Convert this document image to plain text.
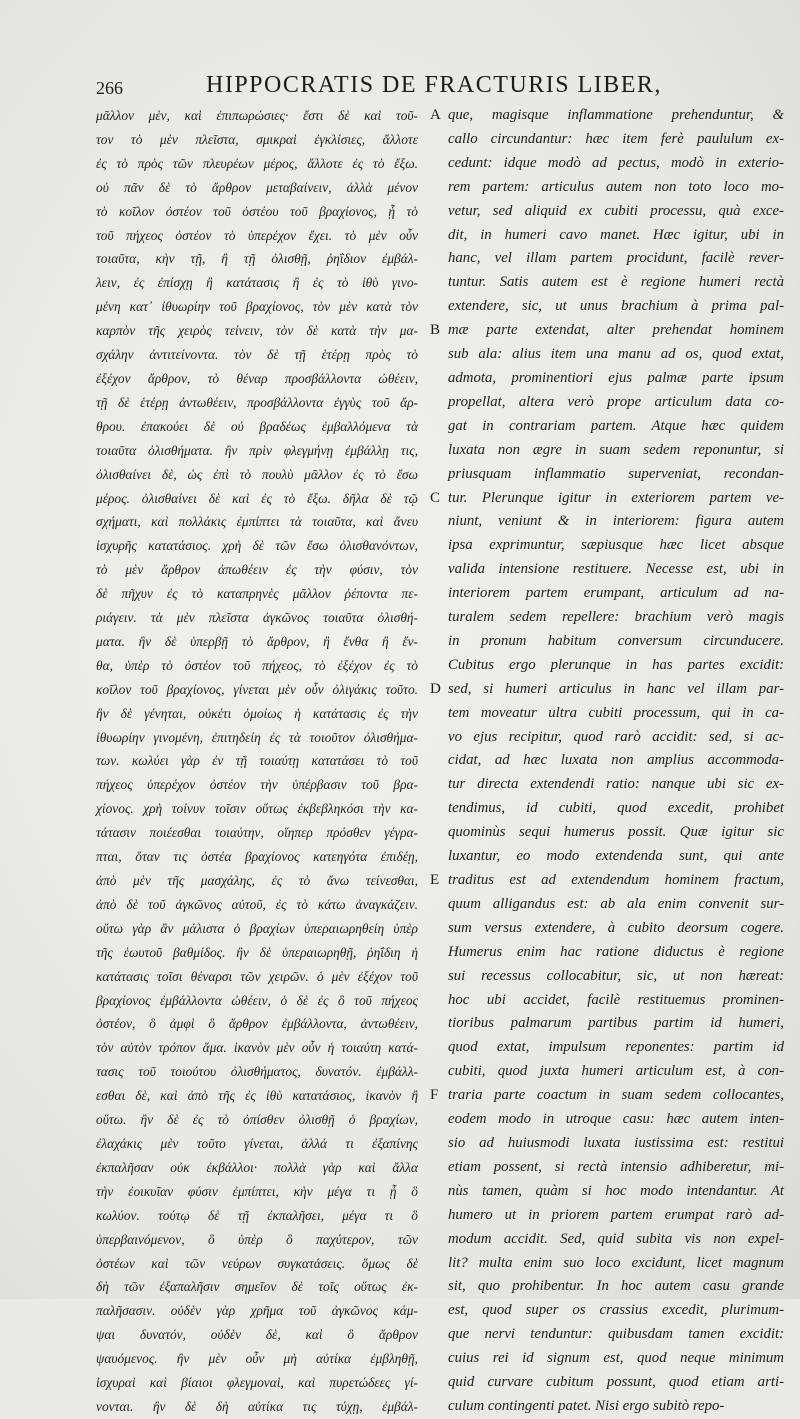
266	HIPPOCRATIS DE FRACTURIS LIBER,
μᾶλλον μὲν, καὶ ἐπιπωρώσιες· ἔστι δὲ καὶ τοῦ-
τον τὸ μὲν πλεῖστα, σμικραὶ ἐγκλίσιες, ἄλλοτε
ἐς τὸ πρὸς τῶν πλευρέων μέρος, ἄλλοτε ἐς τὸ ἔξω.
οὐ πᾶν δὲ τὸ ἄρθρον μεταβαίνειν, ἀλλὰ μένον
τὸ κοῖλον ὀστέον τοῦ ὀστέου τοῦ βραχίονος, ᾗ τὸ
τοῦ πήχεος ὀστέον τὸ ὑπερέχον ἔχει. τὸ μὲν οὖν
τοιαῦτα, κὴν τῇ, ἢ τῇ ὀλισθῇ, ῥηΐδιον ἐμβάλ-
λειν, ἐς ἐπίσχῃ ἢ κατάτασις ἢ ἐς τὸ ἰθὺ γινο-
μένη κατ᾽ ἰθυωρίην τοῦ βραχίονος, τὸν μὲν κατὰ τὸν
καρπὸν τῆς χειρὸς τείνειν, τὸν δὲ κατὰ τὴν μα-
σχάλην ἀντιτείνοντα. τὸν δὲ τῇ ἑτέρῃ πρὸς τὸ
ἐξέχον ἄρθρον, τὸ θέναρ προσβάλλοντα ὠθέειν,
τῇ δὲ ἑτέρῃ ἀντωθέειν, προσβάλλοντα ἐγγὺς τοῦ ἄρ-
θρου. ἐπακούει δὲ οὐ βραδέως ἐμβαλλόμενα τὰ
τοιαῦτα ὀλισθήματα. ἢν πρὶν φλεγμήνῃ ἐμβάλλῃ τις,
ὀλισθαίνει δὲ, ὡς ἐπὶ τὸ πουλὺ μᾶλλον ἐς τὸ ἔσω
μέρος. ὀλισθαίνει δὲ καὶ ἐς τὸ ἔξω. δῆλα δὲ τῷ
σχήματι, καὶ πολλάκις ἐμπίπτει τὰ τοιαῦτα, καὶ ἄνευ
ἰσχυρῆς κατατάσιος. χρὴ δὲ τῶν ἔσω ὀλισθανόντων,
τὸ μὲν ἄρθρον ἀπωθέειν ἐς τὴν φύσιν, τὸν
δὲ πῆχυν ἐς τὸ καταπρηνὲς μᾶλλον ῥέποντα πε-
ριάγειν. τὰ μὲν πλεῖστα ἀγκῶνος τοιαῦτα ὀλισθή-
ματα. ἢν δὲ ὑπερβῇ τὸ ἄρθρον, ἢ ἔνθα ἢ ἔν-
θα, ὑπὲρ τὸ ὀστέον τοῦ πήχεος, τὸ ἐξέχον ἐς τὸ
κοῖλον τοῦ βραχίονος, γίνεται μὲν οὖν ὀλιγάκις τοῦτο.
ἢν δὲ γένηται, οὐκέτι ὁμοίως ἡ κατάτασις ἐς τὴν
ἰθυωρίην γινομένη, ἐπιτηδείη ἐς τὰ τοιοῦτον ὀλισθήμα-
των. κωλύει γὰρ ἐν τῇ τοιαύτῃ κατατάσει τὸ τοῦ
πήχεος ὑπερέχον ὀστέον τὴν ὑπέρβασιν τοῦ βρα-
χίονος. χρὴ τοίνυν τοῖσιν οὕτως ἐκβεβληκόσι τὴν κα-
τάτασιν ποιέεσθαι τοιαύτην, οἵηπερ πρόσθεν γέγρα-
πται, ὅταν τις ὀστέα βραχίονος κατεηγότα ἐπιδέῃ,
ἀπὸ μὲν τῆς μασχάλης, ἐς τὸ ἄνω τείνεσθαι,
ἀπὸ δὲ τοῦ ἀγκῶνος αὐτοῦ, ἐς τὸ κάτω ἀναγκάζειν.
οὕτω γὰρ ἂν μάλιστα ὁ βραχίων ὑπεραιωρηθείη ὑπὲρ
τῆς ἑωυτοῦ βαθμίδος. ἢν δὲ ὑπεραιωρηθῇ, ῥηΐδιη ἡ
κατάτασις τοῖσι θέναρσι τῶν χειρῶν. ὁ μὲν ἐξέχον τοῦ
βραχίονος ἐμβάλλοντα ὠθέειν, ὁ δὲ ἐς ὃ τοῦ πήχεος
ὀστέον, ὃ ἀμφὶ ὃ ἄρθρον ἐμβάλλοντα, ἀντωθέειν,
τὸν αὐτὸν τρόπον ἅμα. ἱκανὸν μὲν οὖν ἡ τοιαύτη κατά-
τασις τοῦ τοιούτου ὀλισθήματος, δυνατόν. ἐμβάλλ-
εσθαι δὲ, καὶ ἀπὸ τῆς ἐς ἰθὺ κατατάσιος, ἱκανὸν ἢ
οὕτω. ἢν δὲ ἐς τὸ ὀπίσθεν ὀλισθῇ ὁ βραχίων,
ἐλαχάκις μὲν τοῦτο γίνεται, ἀλλά τι ἐξαπίνης
ἐκπαλῆσαν οὐκ ἐκβάλλοι· πολλὰ γὰρ καὶ ἄλλα
τὴν ἐοικυῖαν φύσιν ἐμπίπτει, κὴν μέγα τι ᾖ ὃ
κωλύον. τούτῳ δὲ τῇ ἐκπαλῆσει, μέγα τι ὃ
ὑπερβαινόμενον, ὃ ὑπὲρ ὃ παχύτερον, τῶν
ὀστέων καὶ τῶν νεύρων συγκατάσεις. ὅμως δὲ
δὴ τῶν ἐξαπαλῆσιν σημεῖον δὲ τοῖς οὕτως ἐκ-
παλῆσασιν. οὐδὲν γὰρ χρῆμα τοῦ ἀγκῶνος κάμ-
ψαι δυνατόν, οὐδὲν δὲ, καὶ ὃ ἄρθρον
ψαυόμενος. ἢν μὲν οὖν μὴ αὐτίκα ἐμβληθῇ,
ἰσχυραὶ καὶ βίαιοι φλεγμοναὶ, καὶ πυρετώδεες γί-
νονται. ἢν δὲ δὴ αὐτίκα τις τύχῃ, ἐμβάλ-
A que, magisque inflammatione prehenduntur, &
callo circundantur: hæc item ferè paululum ex-
cedunt: idque modò ad pectus, modò in exterio-
rem partem: articulus autem non toto loco mo-
vetur, sed aliquid ex cubiti processu, quà exce-
dit, in humeri cavo manet. Hæc igitur, ubi in
hanc, vel illam partem procidunt, facilè rever-
tuntur. Satis autem est è regione humeri rectà
extendere, sic, ut unus brachium à prima pal-
B mæ parte extendat, alter prehendat hominem
sub ala: alius item una manu ad os, quod extat,
admota, prominentiori ejus palmæ parte ipsum
propellat, altera verò prope articulum data co-
gat in contrariam partem. Atque hæc quidem
luxata non ægre in suam sedem reponuntur, si
priusquam inflammatio superveniat, recondan-
C tur. Plerunque igitur in exteriorem partem ve-
niunt, veniunt & in interiorem: figura autem
ipsa exprimuntur, sæpiusque hæc licet absque
valida intensione restituere. Necesse est, ubi in
interiorem partem erumpant, articulum ad na-
turalem sedem repellere: brachium verò magis
in pronum habitum conversum circunducere.
Cubitus ergo plerunque in has partes excidit:
D sed, si humeri articulus in hanc vel illam par-
tem moveatur ultra cubiti processum, qui in ca-
vo ejus recipitur, quod rarò accidit: sed, si ac-
cidat, ad hæc luxata non amplius accommoda-
tur directa extendendi ratio: nanque ubi sic ex-
tendimus, id cubiti, quod excedit, prohibet
quominùs sequi humerus possit. Quæ igitur sic
luxantur, eo modo extendenda sunt, qui ante
E traditus est ad extendendum hominem fractum,
quum alligandus est: ab ala enim convenit sur-
sum versus extendere, à cubito deorsum cogere.
Humerus enim hac ratione diductus è regione
sui recessus collocabitur, sic, ut non hæreat:
hoc ubi accidet, facilè restituemus prominen-
tioribus palmarum partibus partim id humeri,
quod extat, impulsum reponentes: partim id
cubiti, quod juxta humeri articulum est, à con-
F traria parte coactum in suam sedem collocantes,
eodem modo in utroque casu: hæc autem inten-
sio ad huiusmodi luxata iustissima est: restitui
etiam possent, si rectà intensio adhiberetur, mi-
nùs tamen, quàm si hoc modo intendantur. At
humero ut in priorem partem erumpat rarò ad-
modum accidit. Sed, quid subita vis non expel-
lit? multa enim suo loco excidunt, licet magnum
sit, quo prohibentur. In hoc autem casu grande
est, quod super os crassius excedit, plurimum-
que nervi tenduntur: quibusdam tamen excidit:
cuius rei id signum est, quod neque minimum
quid curvare cubitum possunt, quod etiam arti-
culum contingenti patet. Nisi ergo subitò repo-
